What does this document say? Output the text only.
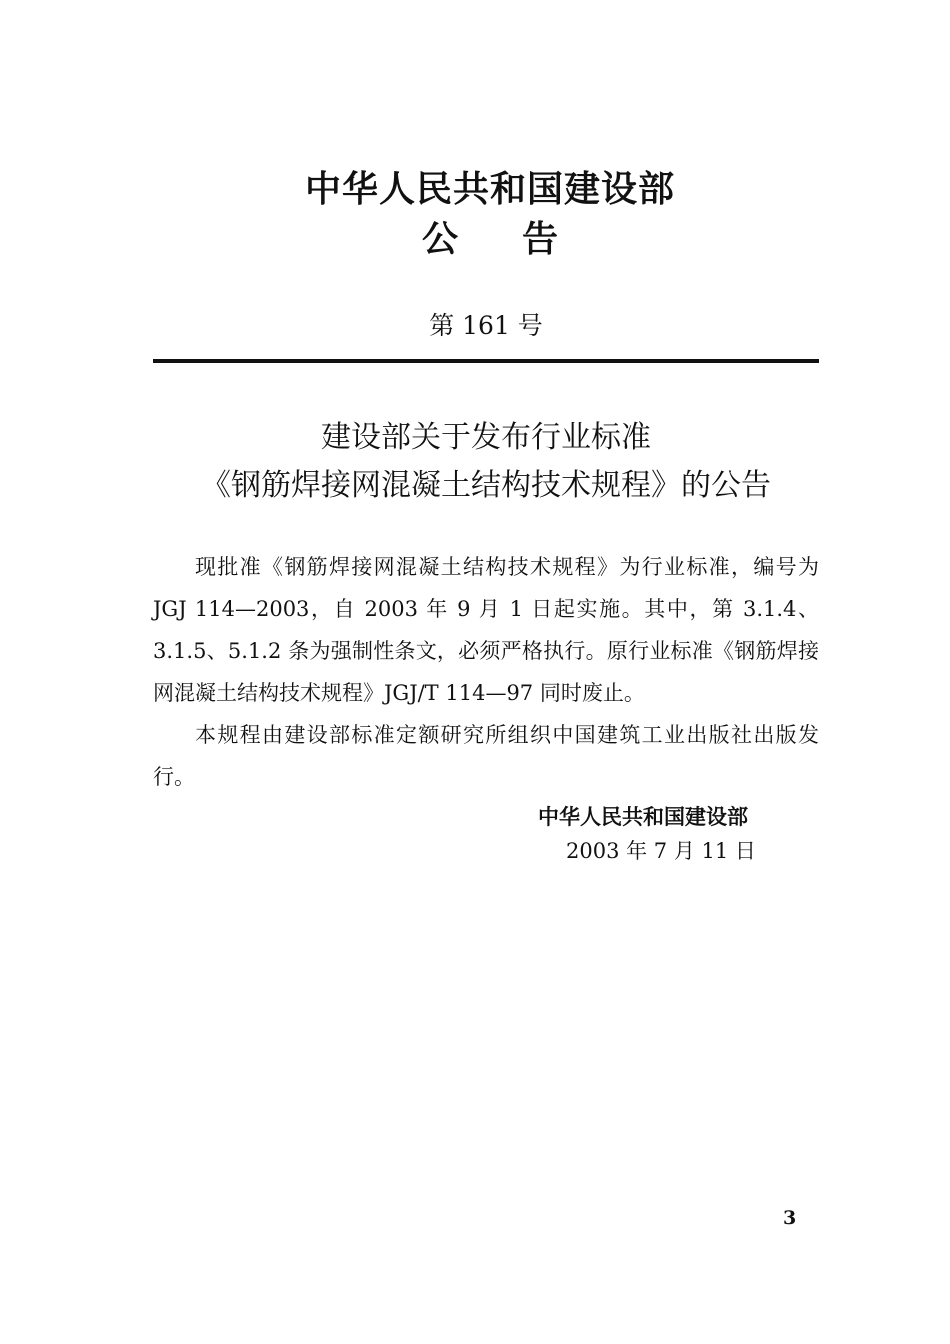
中华人民共和国建设部
公 告
第 161 号
建设部关于发布行业标准
《钢筋焊接网混凝土结构技术规程》的公告

现批准《钢筋焊接网混凝土结构技术规程》为行业标准，编号为 JGJ 114—2003，自 2003 年 9 月 1 日起实施。其中，第 3.1.4、3.1.5、5.1.2 条为强制性条文，必须严格执行。原行业标准《钢筋焊接网混凝土结构技术规程》JGJ/T 114—97 同时废止。

本规程由建设部标准定额研究所组织中国建筑工业出版社出版发行。

中华人民共和国建设部
2003 年 7 月 11 日
3
